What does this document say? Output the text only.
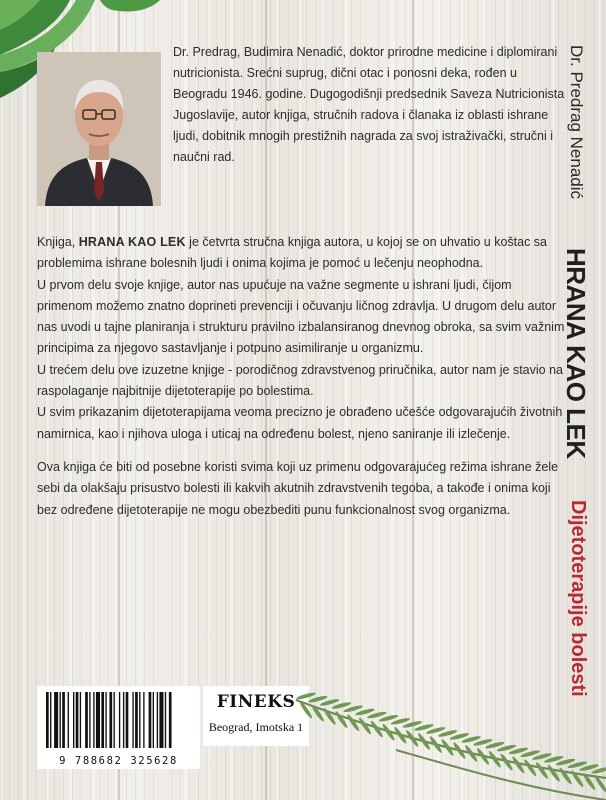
Dr. Predrag, Budimira Nenadić, doktor prirodne medicine i diplomirani nutricionista. Srećni suprug, dični otac i ponosni deka, rođen u Beogradu 1946. godine. Dugogodišnji predsednik Saveza Nutricionista Jugoslavije, autor knjiga, stručnih radova i članaka iz oblasti ishrane ljudi, dobitnik mnogih prestižnih nagrada za svoj istraživački, stručni i naučni rad.

Knjiga, HRANA KAO LEK je četvrta stručna knjiga autora, u kojoj se on uhvatio u koštac sa problemima ishrane bolesnih ljudi i onima kojima je pomoć u lečenju neophodna.

U prvom delu svoje knjige, autor nas upućuje na važne segmente u ishrani ljudi, čijom primenom možemo znatno doprineti prevenciji i očuvanju ličnog zdravlja. U drugom delu autor nas uvodi u tajne planiranja i strukturu pravilno izbalansiranog dnevnog obroka, sa svim važnim principima za njegovo sastavljanje i potpuno asimiliranje u organizmu.

U trećem delu ove izuzetne knjige - porodičnog zdravstvenog priručnika, autor nam je stavio na raspolaganje najbitnije dijetoterapije po bolestima.

U svim prikazanim dijetoterapijama veoma precizno je obrađeno učešće odgovarajućih životnih namirnica, kao i njihova uloga i uticaj na određenu bolest, njeno saniranje ili izlečenje.

Ova knjiga će biti od posebne koristi svima koji uz primenu odgovarajućeg režima ishrane žele sebi da olakšaju prisustvo bolesti ili kakvih akutnih zdravstvenih tegoba, a takođe i onima koji bez određene dijetoterapije ne mogu obezbediti punu funkcionalnost svog organizma.

Dr. Predrag Nenadić
HRANA KAO LEK
Dijetoterapije bolesti
9 788682 325628
FINEKS
Beograd, Imotska 1
